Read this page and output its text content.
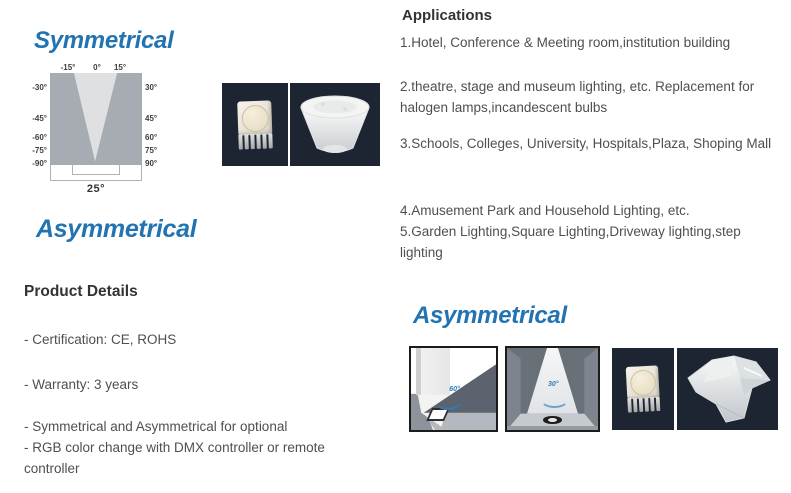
Symmetrical
-15°	0°	15°
-30°
-45°
-60°
-75°
-90°
30°
45°
60°
75°
90°
25°
Asymmetrical
Applications

1.Hotel, Conference & Meeting room,institution building

2.theatre, stage and museum lighting, etc. Replacement for halogen lamps,incandescent bulbs

3.Schools, Colleges, University, Hospitals,Plaza, Shoping Mall

4.Amusement Park and Household Lighting, etc.

5.Garden Lighting,Square Lighting,Driveway lighting,step lighting

Product Details

- Certification: CE, ROHS

- Warranty: 3 years

- Symmetrical and Asymmetrical for optional

- RGB color change with DMX controller or remote controller

Asymmetrical
60°
30°
